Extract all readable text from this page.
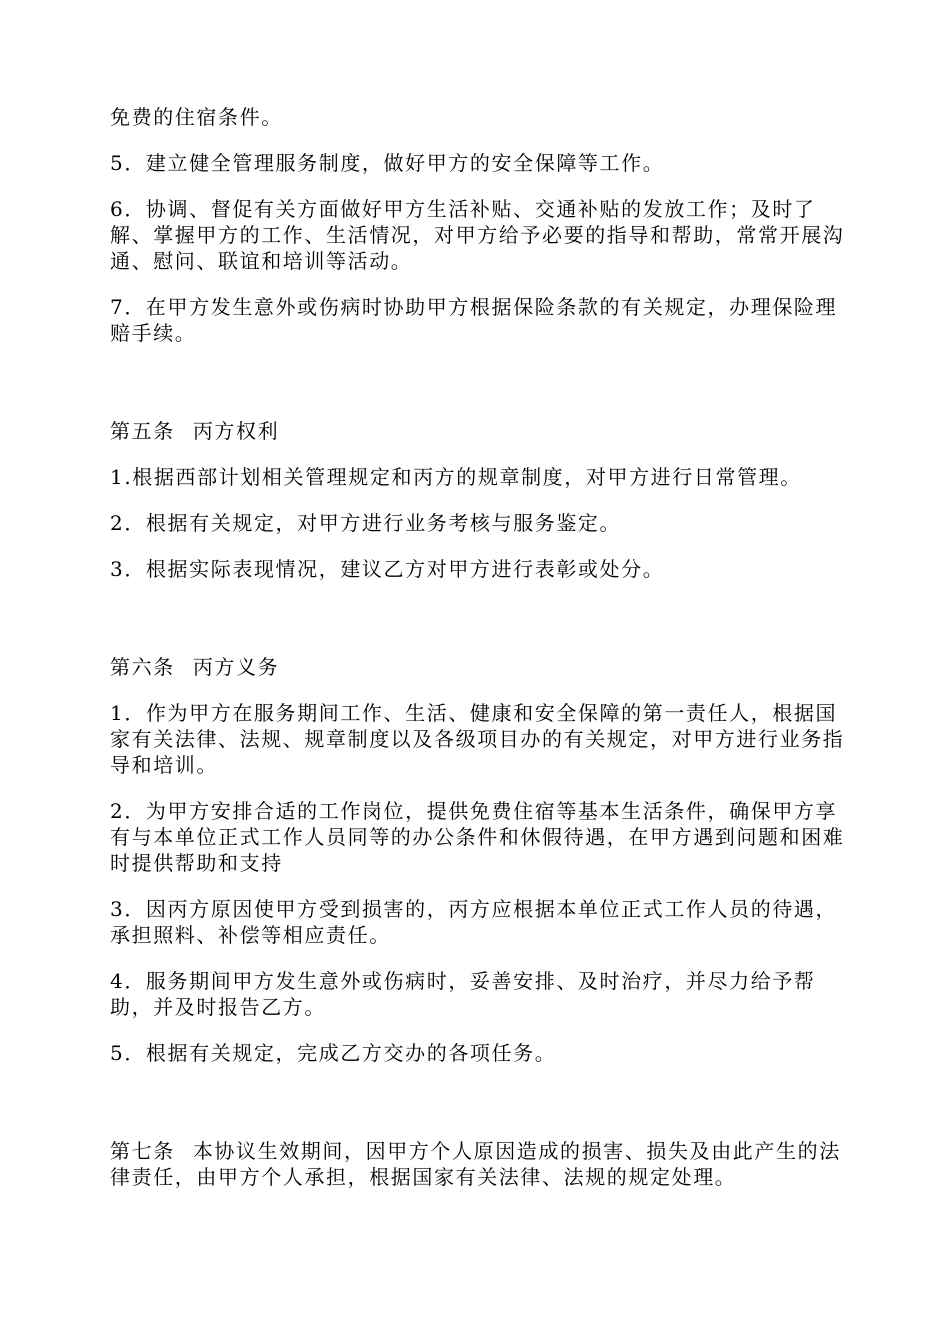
免费的住宿条件。

5．建立健全管理服务制度，做好甲方的安全保障等工作。

6．协调、督促有关方面做好甲方生活补贴、交通补贴的发放工作；及时了解、掌握甲方的工作、生活情况，对甲方给予必要的指导和帮助，常常开展沟通、慰问、联谊和培训等活动。

7．在甲方发生意外或伤病时协助甲方根据保险条款的有关规定，办理保险理赔手续。

第五条 丙方权利

1.根据西部计划相关管理规定和丙方的规章制度，对甲方进行日常管理。

2．根据有关规定，对甲方进行业务考核与服务鉴定。

3．根据实际表现情况，建议乙方对甲方进行表彰或处分。

第六条 丙方义务

1．作为甲方在服务期间工作、生活、健康和安全保障的第一责任人，根据国家有关法律、法规、规章制度以及各级项目办的有关规定，对甲方进行业务指导和培训。

2．为甲方安排合适的工作岗位，提供免费住宿等基本生活条件，确保甲方享有与本单位正式工作人员同等的办公条件和休假待遇，在甲方遇到问题和困难时提供帮助和支持

3．因丙方原因使甲方受到损害的，丙方应根据本单位正式工作人员的待遇，承担照料、补偿等相应责任。

4．服务期间甲方发生意外或伤病时，妥善安排、及时治疗，并尽力给予帮助，并及时报告乙方。

5．根据有关规定，完成乙方交办的各项任务。

第七条 本协议生效期间，因甲方个人原因造成的损害、损失及由此产生的法律责任，由甲方个人承担，根据国家有关法律、法规的规定处理。
